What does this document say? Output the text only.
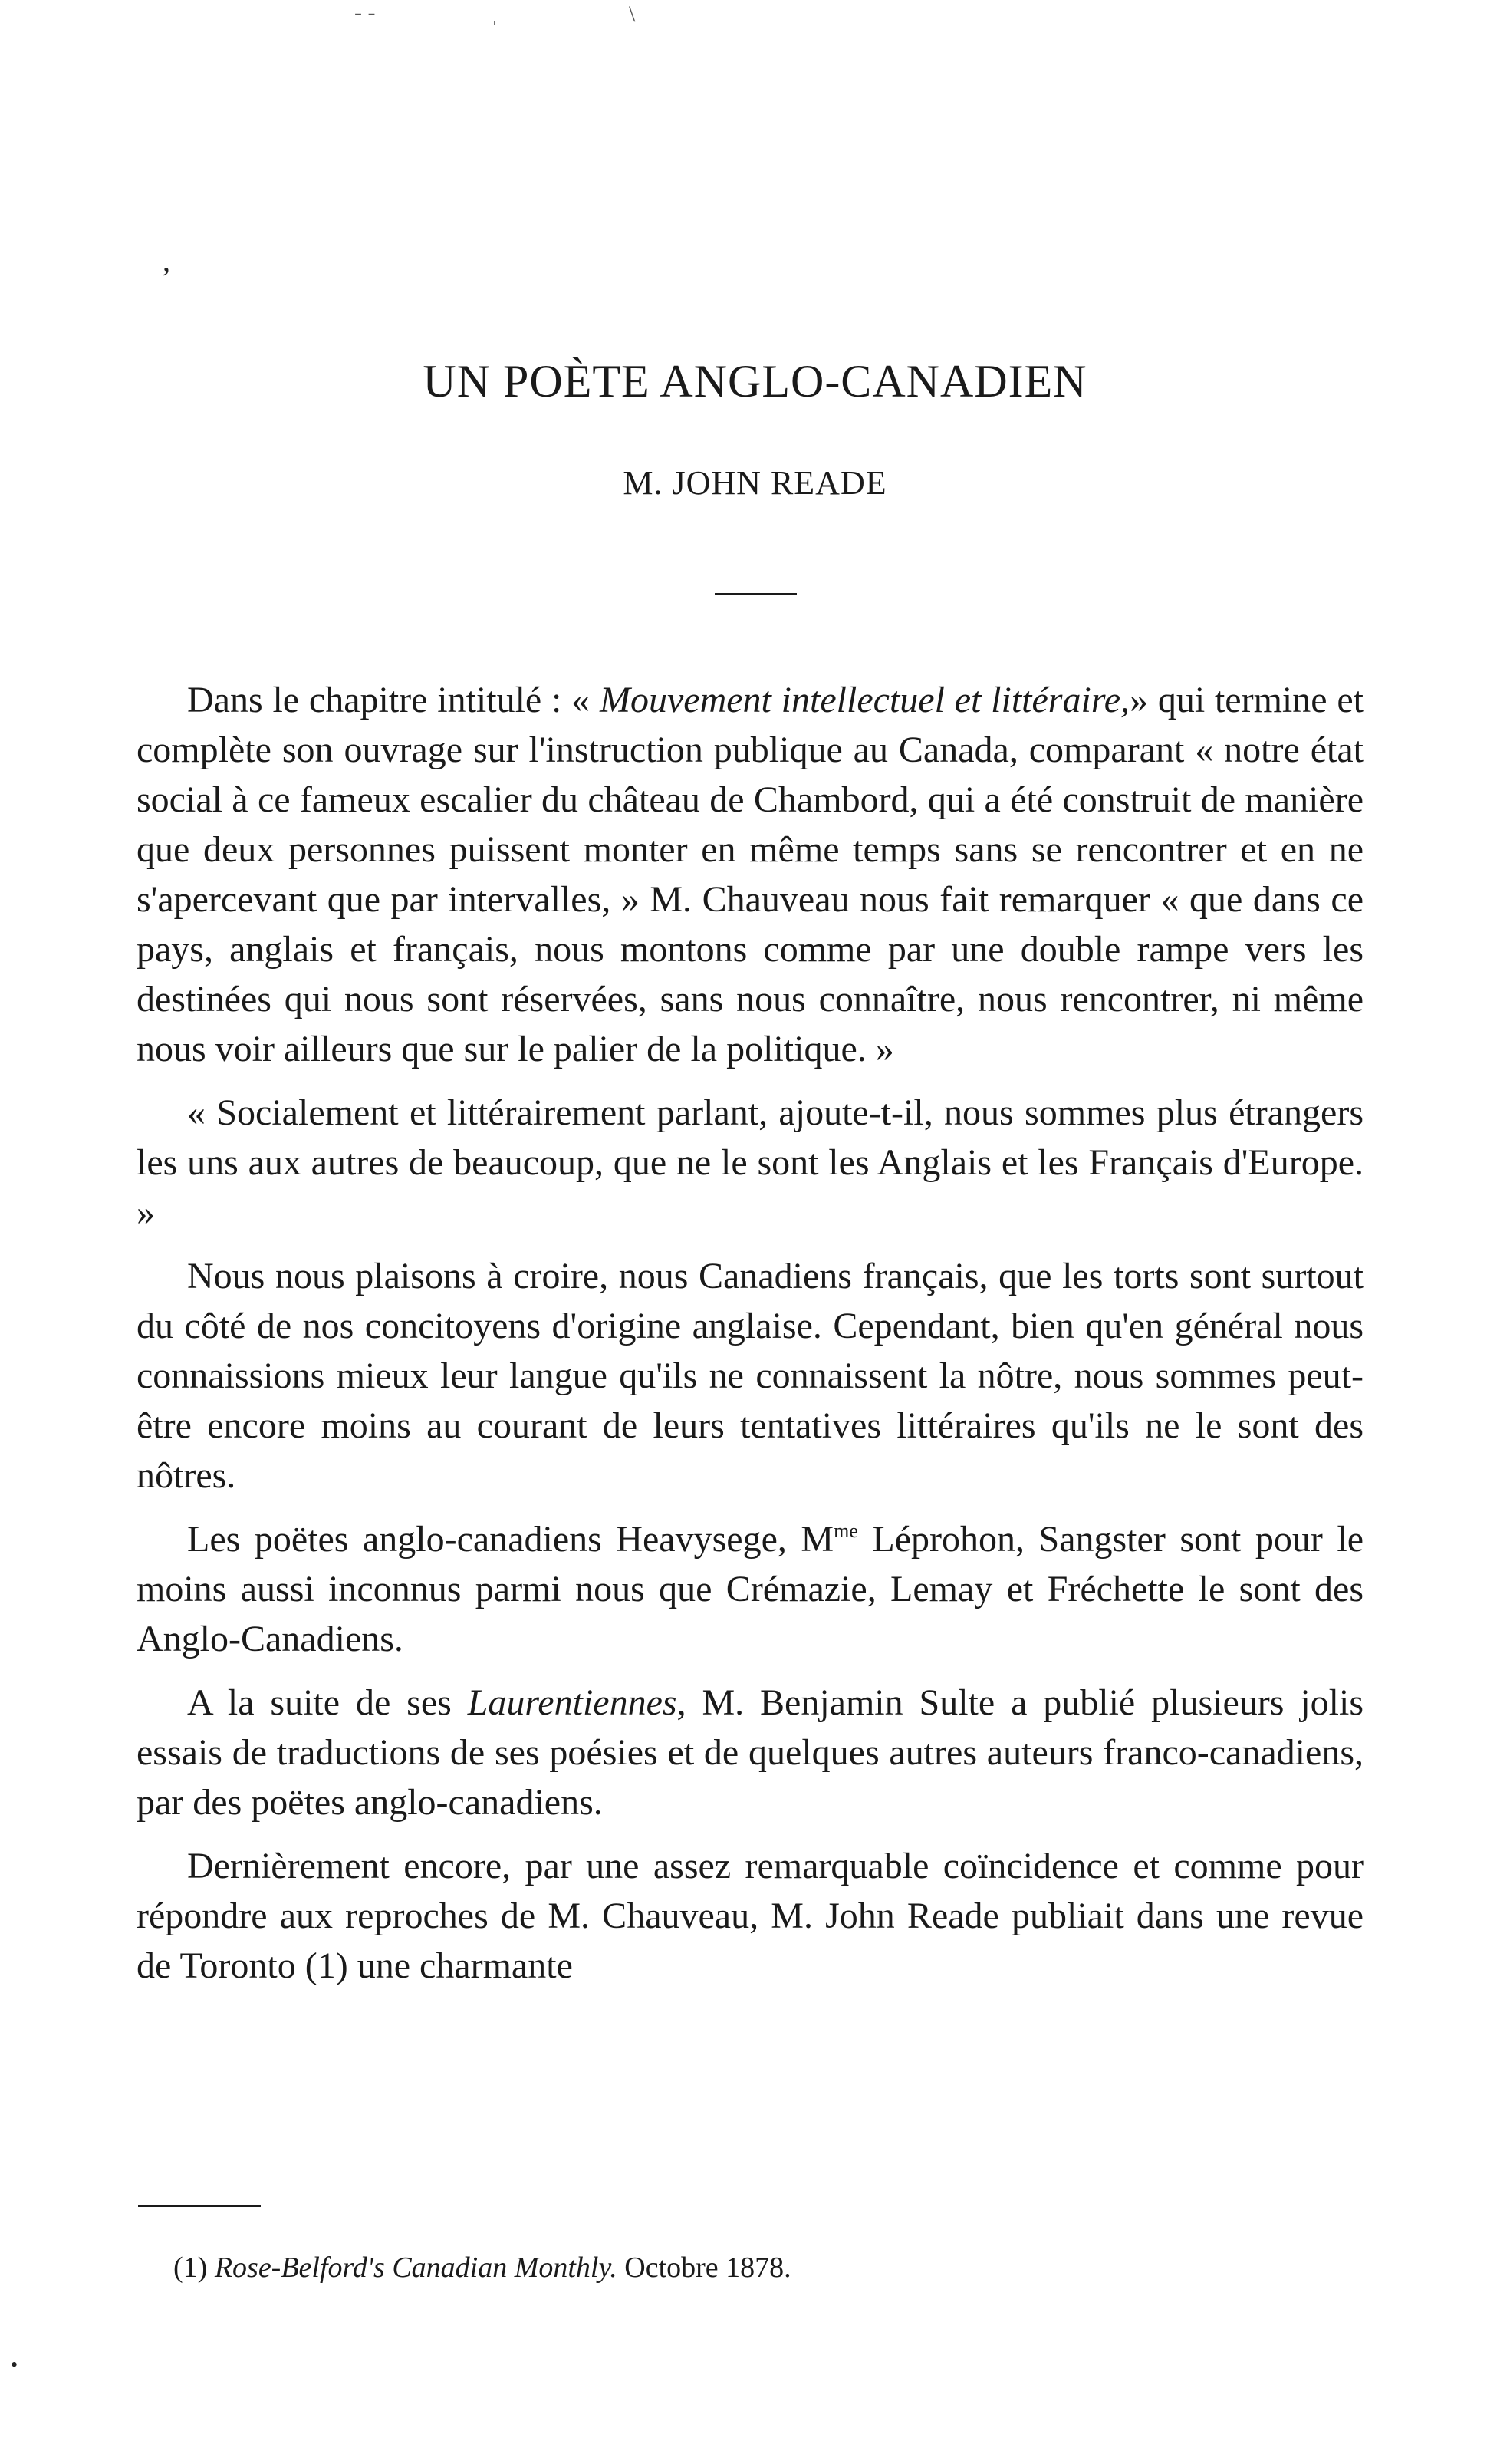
- -
ˈ
\
,
•
UN POÈTE ANGLO-CANADIEN
M. JOHN READE

Dans le chapitre intitulé : « Mouvement intellectuel et littéraire,» qui termine et complète son ouvrage sur l'instruction publique au Canada, comparant « notre état social à ce fameux escalier du château de Chambord, qui a été construit de manière que deux personnes puissent monter en même temps sans se rencontrer et en ne s'apercevant que par intervalles, » M. Chauveau nous fait remarquer « que dans ce pays, anglais et français, nous montons comme par une double rampe vers les destinées qui nous sont réservées, sans nous connaître, nous rencontrer, ni même nous voir ailleurs que sur le palier de la politique. »

« Socialement et littérairement parlant, ajoute-t-il, nous sommes plus étrangers les uns aux autres de beaucoup, que ne le sont les Anglais et les Français d'Europe. »

Nous nous plaisons à croire, nous Canadiens français, que les torts sont surtout du côté de nos concitoyens d'origine anglaise. Cependant, bien qu'en général nous connaissions mieux leur langue qu'ils ne connaissent la nôtre, nous sommes peut-être encore moins au courant de leurs tentatives littéraires qu'ils ne le sont des nôtres.

Les poëtes anglo-canadiens Heavysege, $M^{me}$ Léprohon, Sangster sont pour le moins aussi inconnus parmi nous que Crémazie, Lemay et Fréchette le sont des Anglo-Canadiens.

A la suite de ses Laurentiennes, M. Benjamin Sulte a publié plusieurs jolis essais de traductions de ses poésies et de quelques autres auteurs franco-canadiens, par des poëtes anglo-canadiens.

Dernièrement encore, par une assez remarquable coïncidence et comme pour répondre aux reproches de M. Chauveau, M. John Reade publiait dans une revue de Toronto (1) une charmante

(1) Rose-Belford's Canadian Monthly. Octobre 1878.
